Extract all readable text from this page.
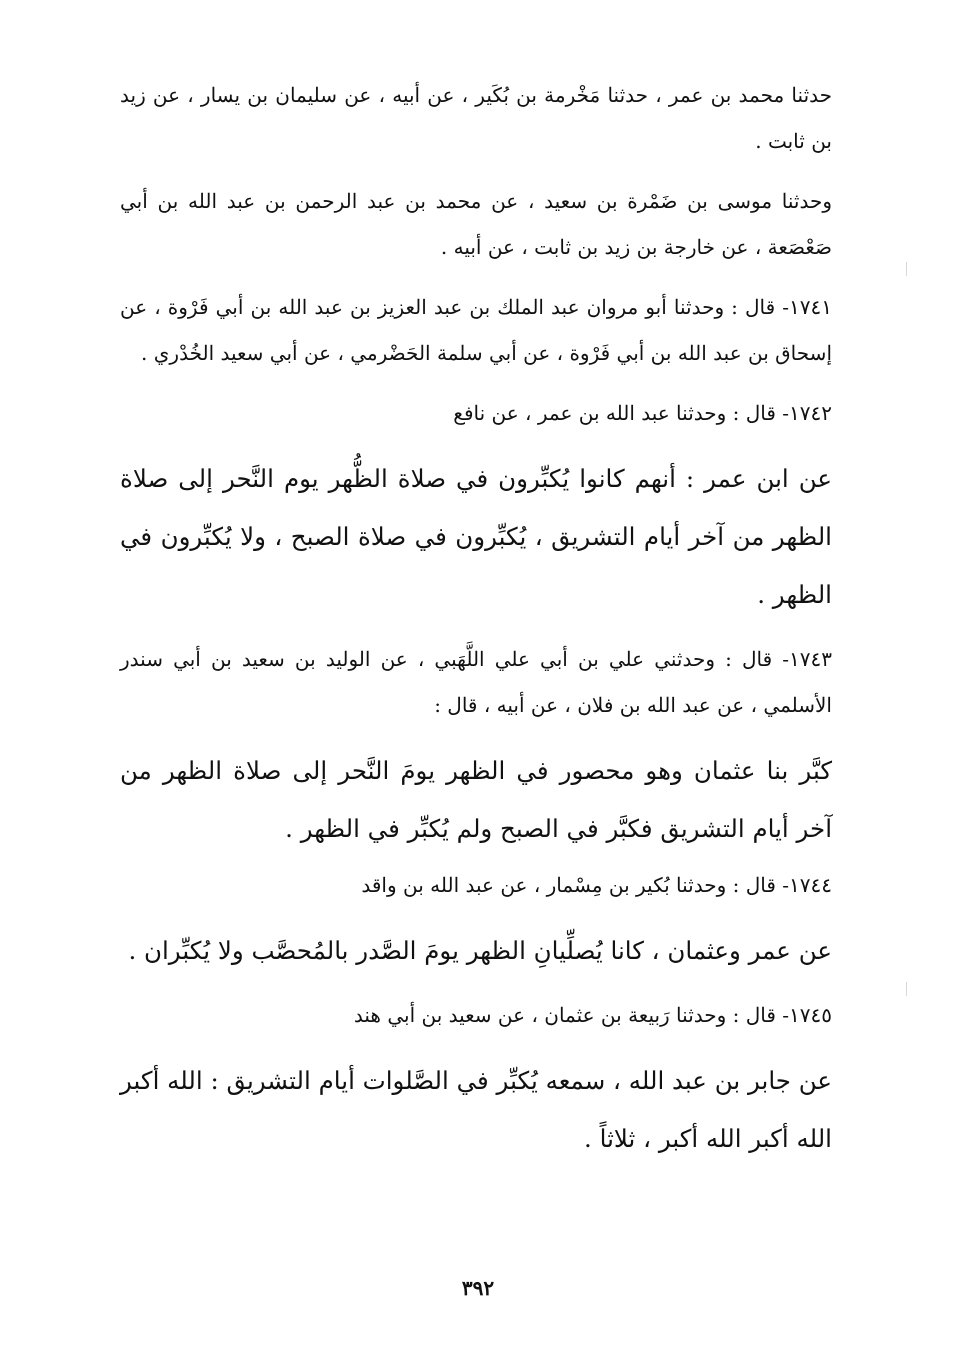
حدثنا محمد بن عمر ، حدثنا مَخْرمة بن بُكَير ، عن أبيه ، عن سليمان بن يسار ، عن زيد بن ثابت .

وحدثنا موسى بن ضَمْرة بن سعيد ، عن محمد بن عبد الرحمن بن عبد الله بن أبي صَعْصَعة ، عن خارجة بن زيد بن ثابت ، عن أبيه .

١٧٤١- قال : وحدثنا أبو مروان عبد الملك بن عبد العزيز بن عبد الله بن أبي فَرْوة ، عن إسحاق بن عبد الله بن أبي فَرْوة ، عن أبي سلمة الحَضْرمي ، عن أبي سعيد الخُدْري .

١٧٤٢- قال : وحدثنا عبد الله بن عمر ، عن نافع

عن ابن عمر : أنهم كانوا يُكبِّرون في صلاة الظُّهر يوم النَّحر إلى صلاة الظهر من آخر أيام التشريق ، يُكبِّرون في صلاة الصبح ، ولا يُكبِّرون في الظهر .

١٧٤٣- قال : وحدثني علي بن أبي علي اللَّهَبي ، عن الوليد بن سعيد بن أبي سندر الأسلمي ، عن عبد الله بن فلان ، عن أبيه ، قال :

كبَّر بنا عثمان وهو محصور في الظهر يومَ النَّحر إلى صلاة الظهر من آخر أيام التشريق فكبَّر في الصبح ولم يُكبِّر في الظهر .

١٧٤٤- قال : وحدثنا بُكير بن مِسْمار ، عن عبد الله بن واقد

عن عمر وعثمان ، كانا يُصلِّيانِ الظهر يومَ الصَّدر بالمُحصَّب ولا يُكبِّران .

١٧٤٥- قال : وحدثنا رَبيعة بن عثمان ، عن سعيد بن أبي هند

عن جابر بن عبد الله ، سمعه يُكبِّر في الصَّلوات أيام التشريق : الله أكبر الله أكبر الله أكبر ، ثلاثاً .

٣٩٢
